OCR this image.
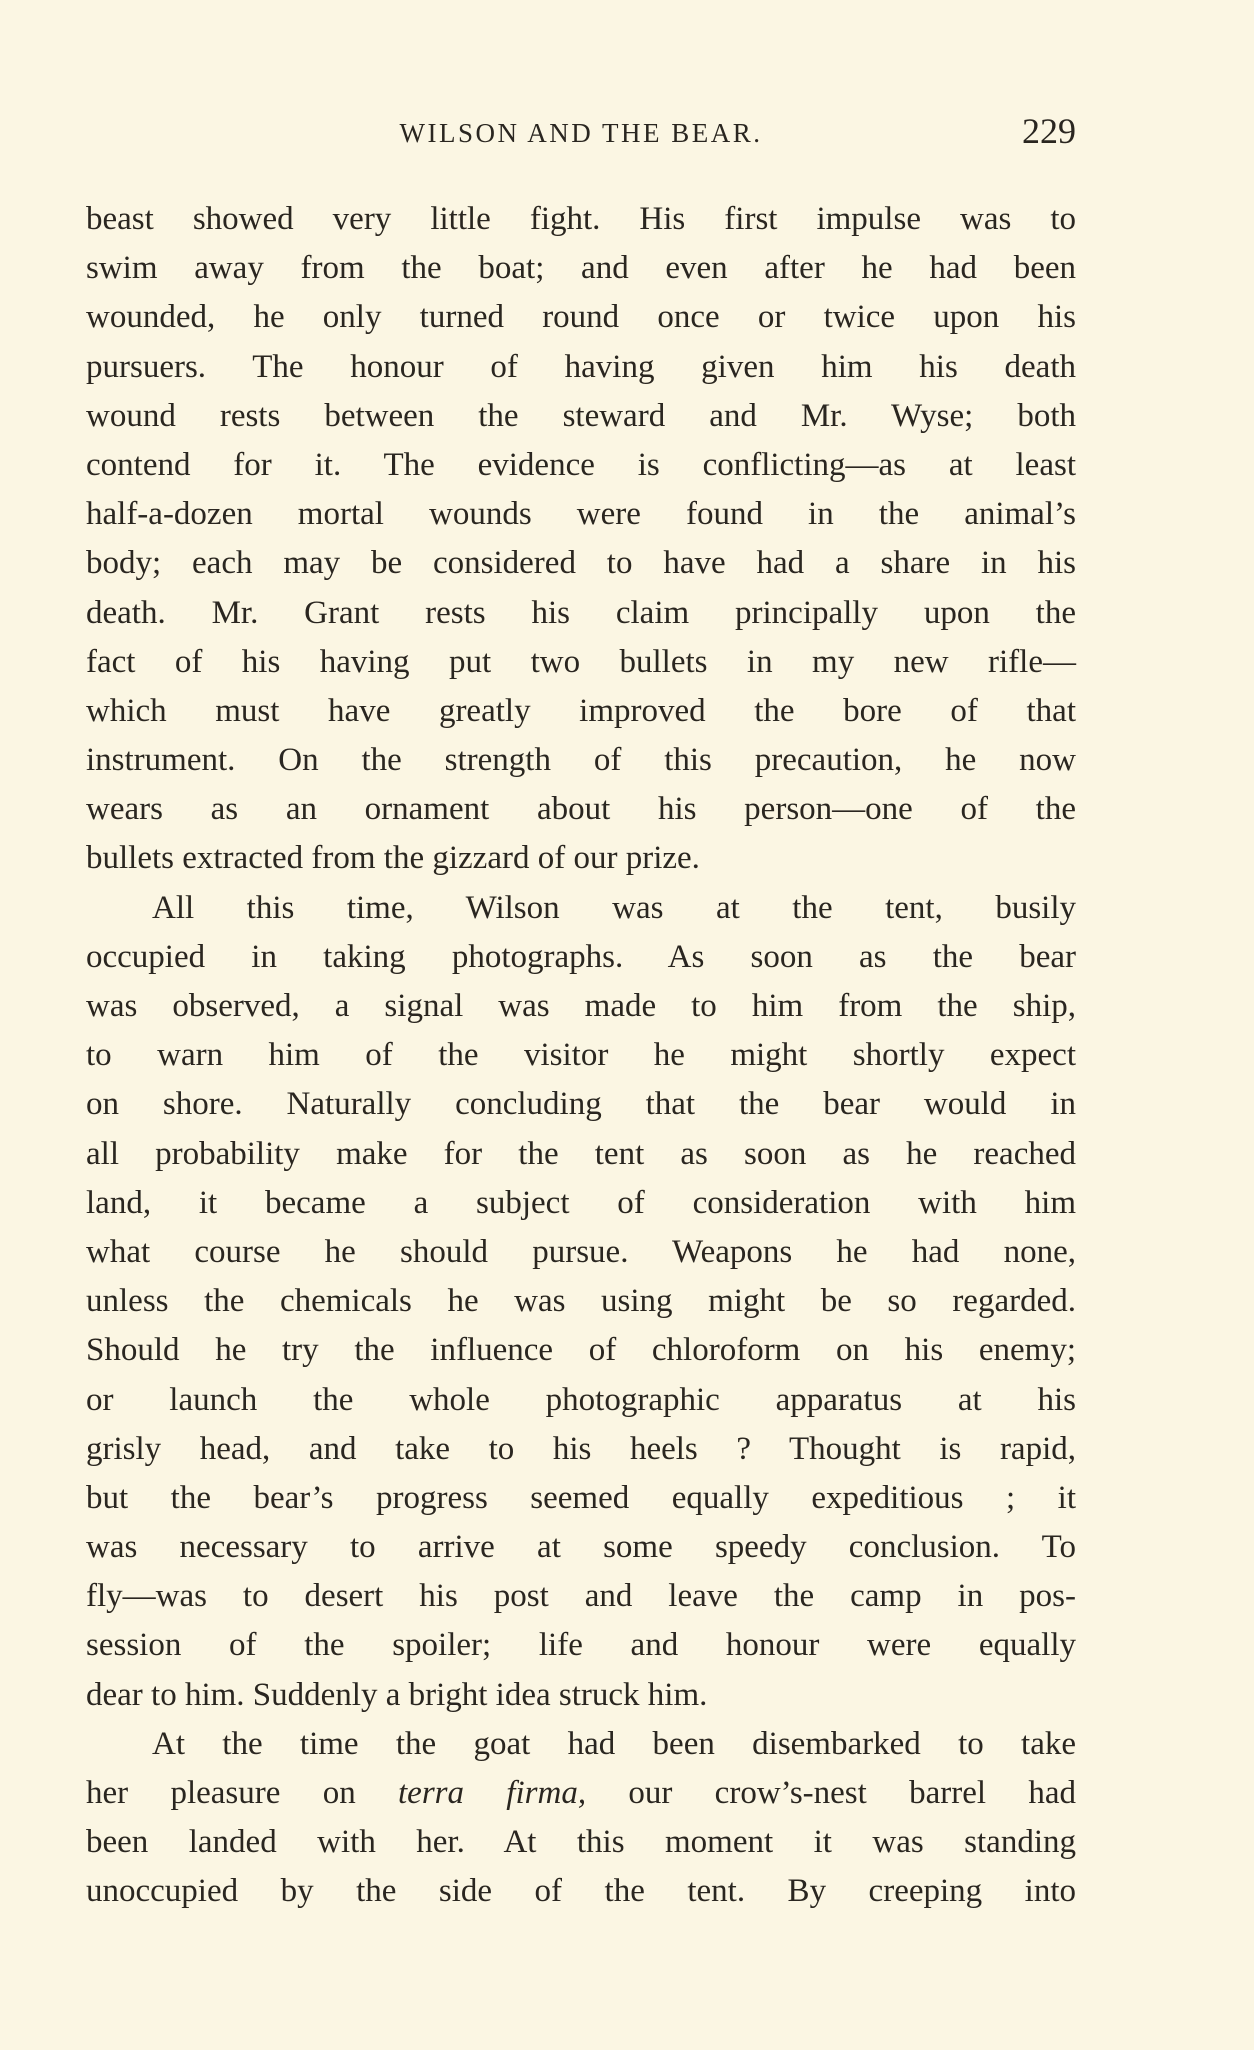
WILSON AND THE BEAR.	229
beast showed very little fight. His first impulse was to
swim away from the boat; and even after he had been
wounded, he only turned round once or twice upon his
pursuers. The honour of having given him his death
wound rests between the steward and Mr. Wyse; both
contend for it. The evidence is conflicting—as at least
half-a-dozen mortal wounds were found in the animal’s
body; each may be considered to have had a share in his
death. Mr. Grant rests his claim principally upon the
fact of his having put two bullets in my new rifle—
which must have greatly improved the bore of that
instrument. On the strength of this precaution, he now
wears as an ornament about his person—one of the
bullets extracted from the gizzard of our prize.
All this time, Wilson was at the tent, busily
occupied in taking photographs. As soon as the bear
was observed, a signal was made to him from the ship,
to warn him of the visitor he might shortly expect
on shore. Naturally concluding that the bear would in
all probability make for the tent as soon as he reached
land, it became a subject of consideration with him
what course he should pursue. Weapons he had none,
unless the chemicals he was using might be so regarded.
Should he try the influence of chloroform on his enemy;
or launch the whole photographic apparatus at his
grisly head, and take to his heels ? Thought is rapid,
but the bear’s progress seemed equally expeditious ; it
was necessary to arrive at some speedy conclusion. To
fly—was to desert his post and leave the camp in pos-
session of the spoiler; life and honour were equally
dear to him. Suddenly a bright idea struck him.
At the time the goat had been disembarked to take
her pleasure on terra firma, our crow’s-nest barrel had
been landed with her. At this moment it was standing
unoccupied by the side of the tent. By creeping into
